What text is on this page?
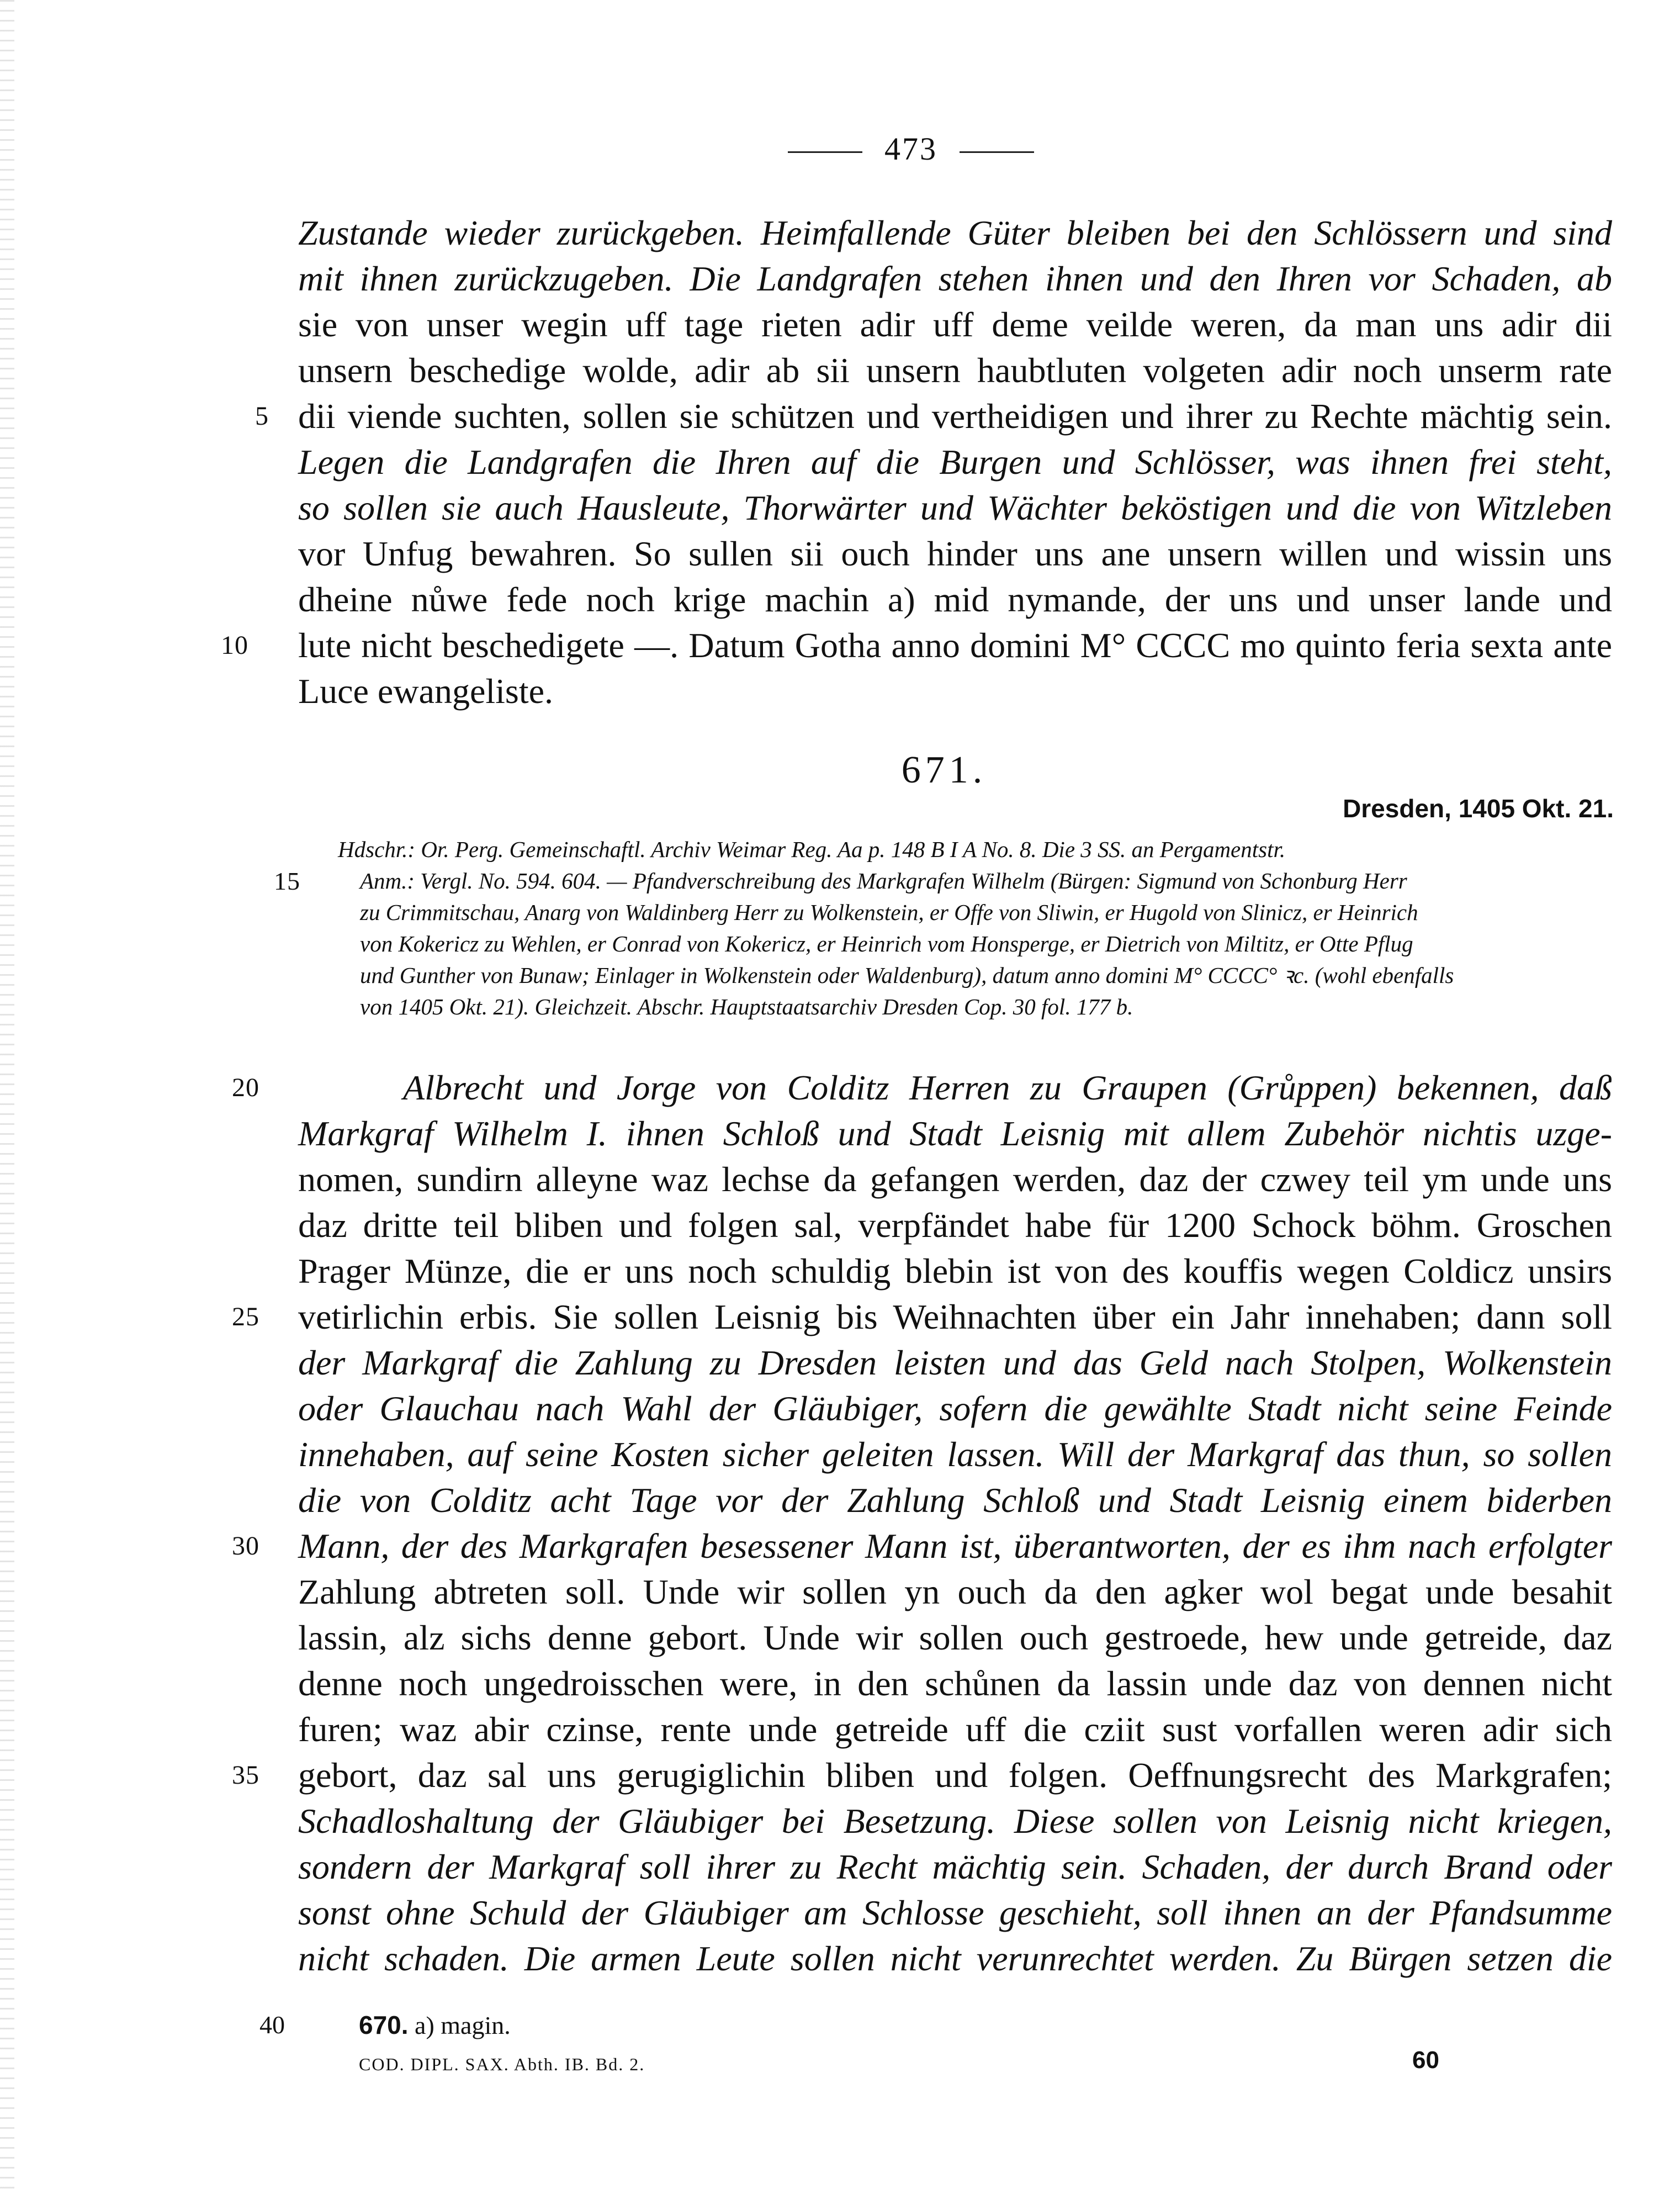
473
Zustande wieder zurückgeben. Heimfallende Güter bleiben bei den Schlössern und sind
mit ihnen zurückzugeben. Die Landgrafen stehen ihnen und den Ihren vor Schaden, ab
sie von unser wegin uff tage rieten adir uff deme veilde weren, da man uns adir dii
unsern beschedige wolde, adir ab sii unsern haubtluten volgeten adir noch unserm rate
5 dii viende suchten, sollen sie schützen und vertheidigen und ihrer zu Rechte mächtig sein.
Legen die Landgrafen die Ihren auf die Burgen und Schlösser, was ihnen frei steht,
so sollen sie auch Hausleute, Thorwärter und Wächter beköstigen und die von Witzleben
vor Unfug bewahren. So sullen sii ouch hinder uns ane unsern willen und wissin uns
dheine nůwe fede noch krige machin a) mid nymande, der uns und unser lande und
10 lute nicht beschedigete —. Datum Gotha anno domini M° CCCC mo quinto feria sexta ante
Luce ewangeliste.
671.
Dresden, 1405 Okt. 21.
Hdschr.: Or. Perg. Gemeinschaftl. Archiv Weimar Reg. Aa p. 148 B I A No. 8. Die 3 SS. an Pergamentstr.
15	Anm.: Vergl. No. 594. 604. — Pfandverschreibung des Markgrafen Wilhelm (Bürgen: Sigmund von Schonburg Herr
zu Crimmitschau, Anarg von Waldinberg Herr zu Wolkenstein, er Offe von Sliwin, er Hugold von Slinicz, er Heinrich
von Kokericz zu Wehlen, er Conrad von Kokericz, er Heinrich vom Honsperge, er Dietrich von Miltitz, er Otte Pflug
und Gunther von Bunaw; Einlager in Wolkenstein oder Waldenburg), datum anno domini M° CCCC° ꝛc. (wohl ebenfalls
von 1405 Okt. 21). Gleichzeit. Abschr. Hauptstaatsarchiv Dresden Cop. 30 fol. 177 b.
20	Albrecht und Jorge von Colditz Herren zu Graupen (Grůppen) bekennen, daß
Markgraf Wilhelm I. ihnen Schloß und Stadt Leisnig mit allem Zubehör nichtis uzge-
nomen, sundirn alleyne waz lechse da gefangen werden, daz der czwey teil ym unde uns
daz dritte teil bliben und folgen sal, verpfändet habe für 1200 Schock böhm. Groschen
Prager Münze, die er uns noch schuldig blebin ist von des kouffis wegen Coldicz unsirs
25 vetirlichin erbis. Sie sollen Leisnig bis Weihnachten über ein Jahr innehaben; dann soll
der Markgraf die Zahlung zu Dresden leisten und das Geld nach Stolpen, Wolkenstein
oder Glauchau nach Wahl der Gläubiger, sofern die gewählte Stadt nicht seine Feinde
innehaben, auf seine Kosten sicher geleiten lassen. Will der Markgraf das thun, so sollen
die von Colditz acht Tage vor der Zahlung Schloß und Stadt Leisnig einem biderben
30 Mann, der des Markgrafen besessener Mann ist, überantworten, der es ihm nach erfolgter
Zahlung abtreten soll. Unde wir sollen yn ouch da den agker wol begat unde besahit
lassin, alz sichs denne gebort. Unde wir sollen ouch gestroede, hew unde getreide, daz
denne noch ungedroisschen were, in den schůnen da lassin unde daz von dennen nicht
furen; waz abir czinse, rente unde getreide uff die cziit sust vorfallen weren adir sich
35 gebort, daz sal uns gerugiglichin bliben und folgen. Oeffnungsrecht des Markgrafen;
Schadloshaltung der Gläubiger bei Besetzung. Diese sollen von Leisnig nicht kriegen,
sondern der Markgraf soll ihrer zu Recht mächtig sein. Schaden, der durch Brand oder
sonst ohne Schuld der Gläubiger am Schlosse geschieht, soll ihnen an der Pfandsumme
nicht schaden. Die armen Leute sollen nicht verunrechtet werden. Zu Bürgen setzen die
40	670. a) magin.
COD. DIPL. SAX. Abth. IB. Bd. 2.	60
